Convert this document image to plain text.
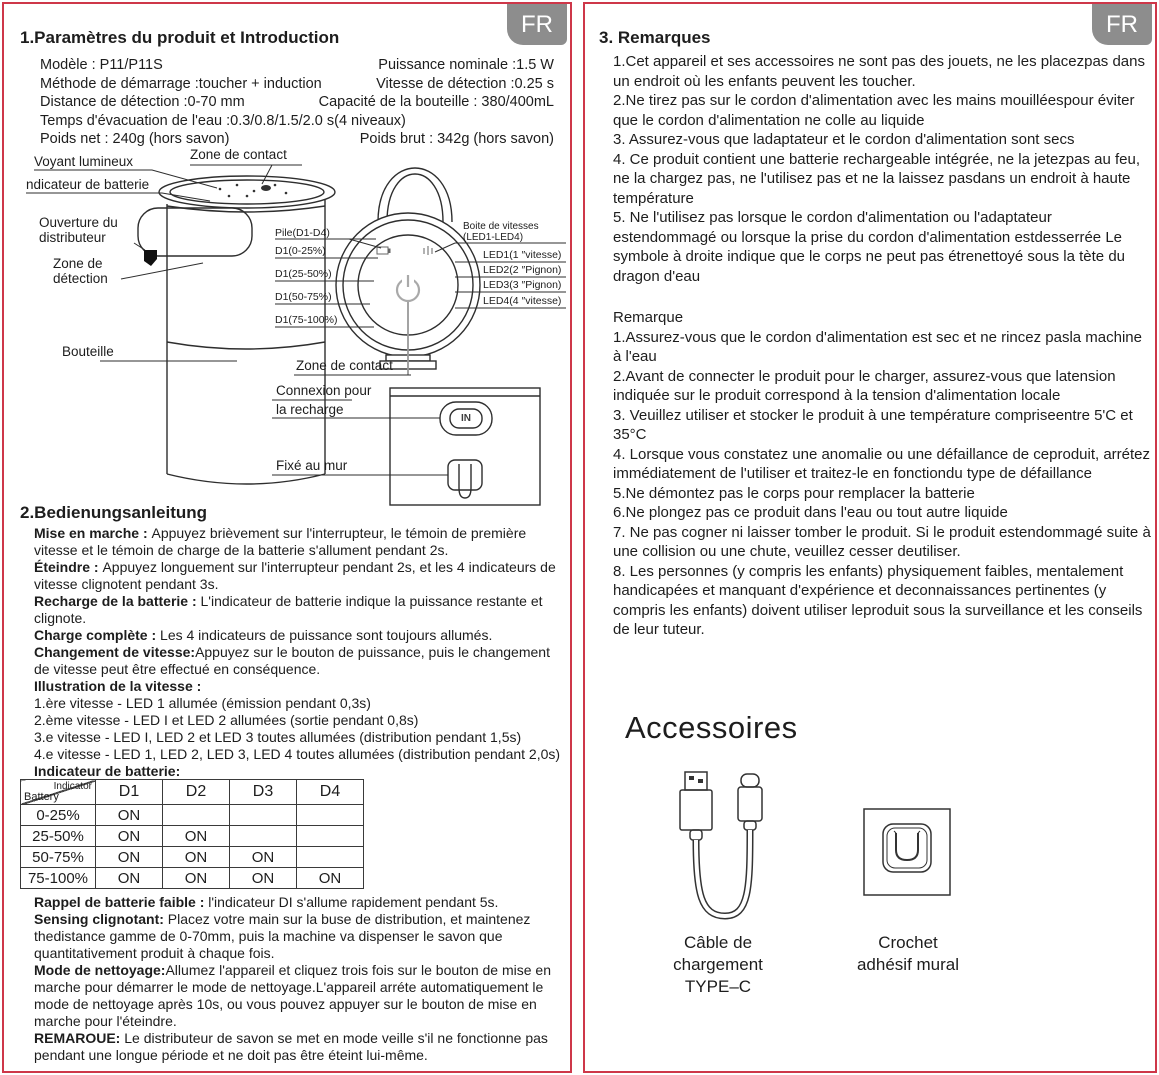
FR
1.Paramètres du produit et Introduction
Modèle : P11/P11S	Puissance nominale :1.5 W
Méthode de démarrage :toucher + induction	Vitesse de détection :0.25 s
Distance de détection :0-70 mm	Capacité de la bouteille : 380/400mL
Temps d'évacuation de l'eau :0.3/0.8/1.5/2.0 s(4 niveaux)
Poids net : 240g (hors savon)	Poids brut : 342g (hors savon)
Voyant lumineux
ndicateur de batterie
Zone de contact
Ouverture du distributeur
Zone de détection
Bouteille
Pile(D1-D4)
D1(0-25%)
D1(25-50%)
D1(50-75%)
D1(75-100%)
Boite de vitesses
(LED1-LED4)
LED1(1 ″vitesse)
LED2(2 ″Pignon)
LED3(3 ″Pignon)
LED4(4 ″vitesse)
Zone de contact
Connexion pour
la recharge
IN
Fixé au mur
2.Bedienungsanleitung

Mise en marche : Appuyez brièvement sur l'interrupteur, le témoin de première vitesse et le témoin de charge de la batterie s'allument pendant 2s.

Éteindre : Appuyez longuement sur l'interrupteur pendant 2s, et les 4 indicateurs de vitesse clignotent pendant 3s.

Recharge de la batterie : L'indicateur de batterie indique la puissance restante et clignote.

Charge complète : Les 4 indicateurs de puissance sont toujours allumés.

Changement de vitesse:Appuyez sur le bouton de puissance, puis le changement de vitesse peut être effectué en conséquence.

Illustration de la vitesse :

1.ère vitesse - LED 1 allumée (émission pendant 0,3s)

2.ème vitesse - LED I et LED 2 allumées (sortie pendant 0,8s)

3.e vitesse - LED I, LED 2 et LED 3 toutes allumées (distribution pendant 1,5s)

4.e vitesse - LED 1, LED 2, LED 3, LED 4 toutes allumées (distribution pendant 2,0s)

Indicateur de batterie:

Indicator
Battery	D1	D2	D3	D4
0-25%	ON			
25-50%	ON	ON		
50-75%	ON	ON	ON	
75-100%	ON	ON	ON	ON

Rappel de batterie faible : l'indicateur DI s'allume rapidement pendant 5s.

Sensing clignotant: Placez votre main sur la buse de distribution, et maintenez thedistance gamme de 0-70mm, puis la machine va dispenser le savon que quantitativement produit à chaque fois.

Mode de nettoyage:Allumez l'appareil et cliquez trois fois sur le bouton de mise en marche pour démarrer le mode de nettoyage.L'appareil arréte automatiquement le mode de nettoyage après 10s, ou vous pouvez appuyer sur le bouton de mise en marche pour l'éteindre.

REMAROUE: Le distributeur de savon se met en mode veille s'il ne fonctionne pas pendant une longue période et ne doit pas être éteint lui-même.

FR
3. Remarques

1.Cet appareil et ses accessoires ne sont pas des jouets, ne les placezpas dans un endroit où les enfants peuvent les toucher.

2.Ne tirez pas sur le cordon d'alimentation avec les mains mouilléespour éviter que le cordon d'alimentation ne colle au liquide

3. Assurez-vous que ladaptateur et le cordon d'alimentation sont secs

4. Ce produit contient une batterie rechargeable intégrée, ne la jetezpas au feu, ne la chargez pas, ne l'utilisez pas et ne la laissez pasdans un endroit à haute température

5. Ne l'utilisez pas lorsque le cordon d'alimentation ou l'adaptateur estendommagé ou lorsque la prise du cordon d'alimentation estdesserrée Le symbole à droite indique que le corps ne peut pas étrenettoyé sous la tète du dragon d'eau

Remarque

1.Assurez-vous que le cordon d'alimentation est sec et ne rincez pasla machine à l'eau

2.Avant de connecter le produit pour le charger, assurez-vous que latension indiquée sur le produit correspond à la tension d'alimentation locale

3. Veuillez utiliser et stocker le produit à une température compriseentre 5'C et 35°C

4. Lorsque vous constatez une anomalie ou une défaillance de ceproduit, arrétez immédiatement de l'utiliser et traitez-le en fonctiondu type de défaillance

5.Ne démontez pas le corps pour remplacer la batterie

6.Ne plongez pas ce produit dans l'eau ou tout autre liquide

7. Ne pas cogner ni laisser tomber le produit. Si le produit estendommagé suite à une collision ou une chute, veuillez cesser deutiliser.

8. Les personnes (y compris les enfants) physiquement faibles, mentalement handicapées et manquant d'expérience et deconnaissances pertinentes (y compris les enfants) doivent utiliser leproduit sous la surveillance et les conseils de leur tuteur.

Accessoires
Câble de
chargement
TYPE–C
Crochet
adhésif mural
